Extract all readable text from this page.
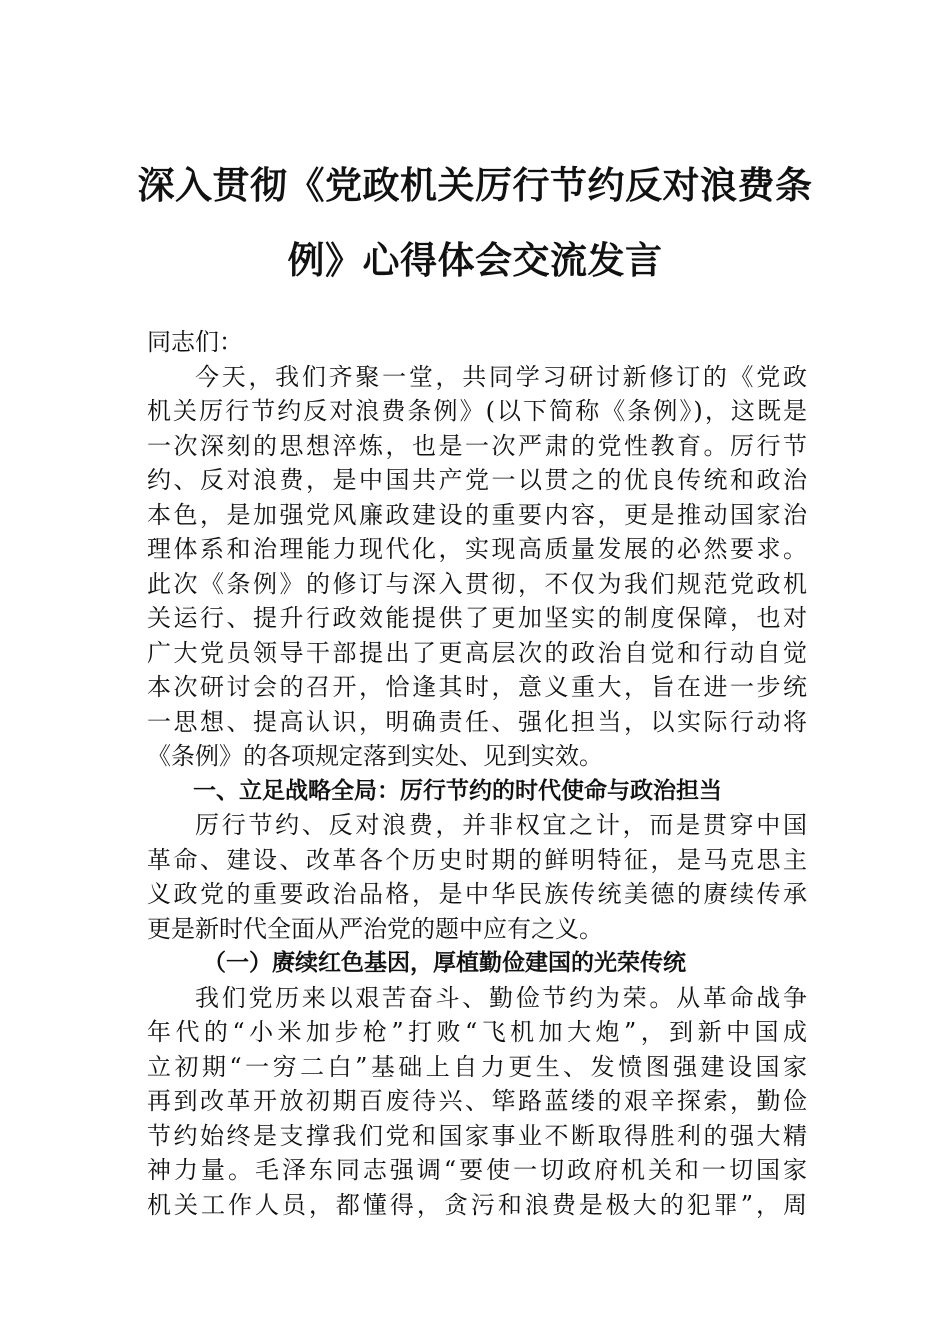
深入贯彻《党政机关厉行节约反对浪费条
例》心得体会交流发言
同志们：
今天，我们齐聚一堂，共同学习研讨新修订的《党政
机关厉行节约反对浪费条例》(以下简称《条例》)，这既是
一次深刻的思想淬炼，也是一次严肃的党性教育。厉行节
约、反对浪费，是中国共产党一以贯之的优良传统和政治
本色，是加强党风廉政建设的重要内容，更是推动国家治
理体系和治理能力现代化，实现高质量发展的必然要求。
此次《条例》的修订与深入贯彻，不仅为我们规范党政机
关运行、提升行政效能提供了更加坚实的制度保障，也对
广大党员领导干部提出了更高层次的政治自觉和行动自觉
本次研讨会的召开，恰逢其时，意义重大，旨在进一步统
一思想、提高认识，明确责任、强化担当，以实际行动将
《条例》的各项规定落到实处、见到实效。
一、立足战略全局：厉行节约的时代使命与政治担当
厉行节约、反对浪费，并非权宜之计，而是贯穿中国
革命、建设、改革各个历史时期的鲜明特征，是马克思主
义政党的重要政治品格，是中华民族传统美德的赓续传承
更是新时代全面从严治党的题中应有之义。
（一）赓续红色基因，厚植勤俭建国的光荣传统
我们党历来以艰苦奋斗、勤俭节约为荣。从革命战争
年代的“小米加步枪”打败“飞机加大炮”，到新中国成
立初期“一穷二白”基础上自力更生、发愤图强建设国家
再到改革开放初期百废待兴、筚路蓝缕的艰辛探索，勤俭
节约始终是支撑我们党和国家事业不断取得胜利的强大精
神力量。毛泽东同志强调“要使一切政府机关和一切国家
机关工作人员，都懂得，贪污和浪费是极大的犯罪”，周
